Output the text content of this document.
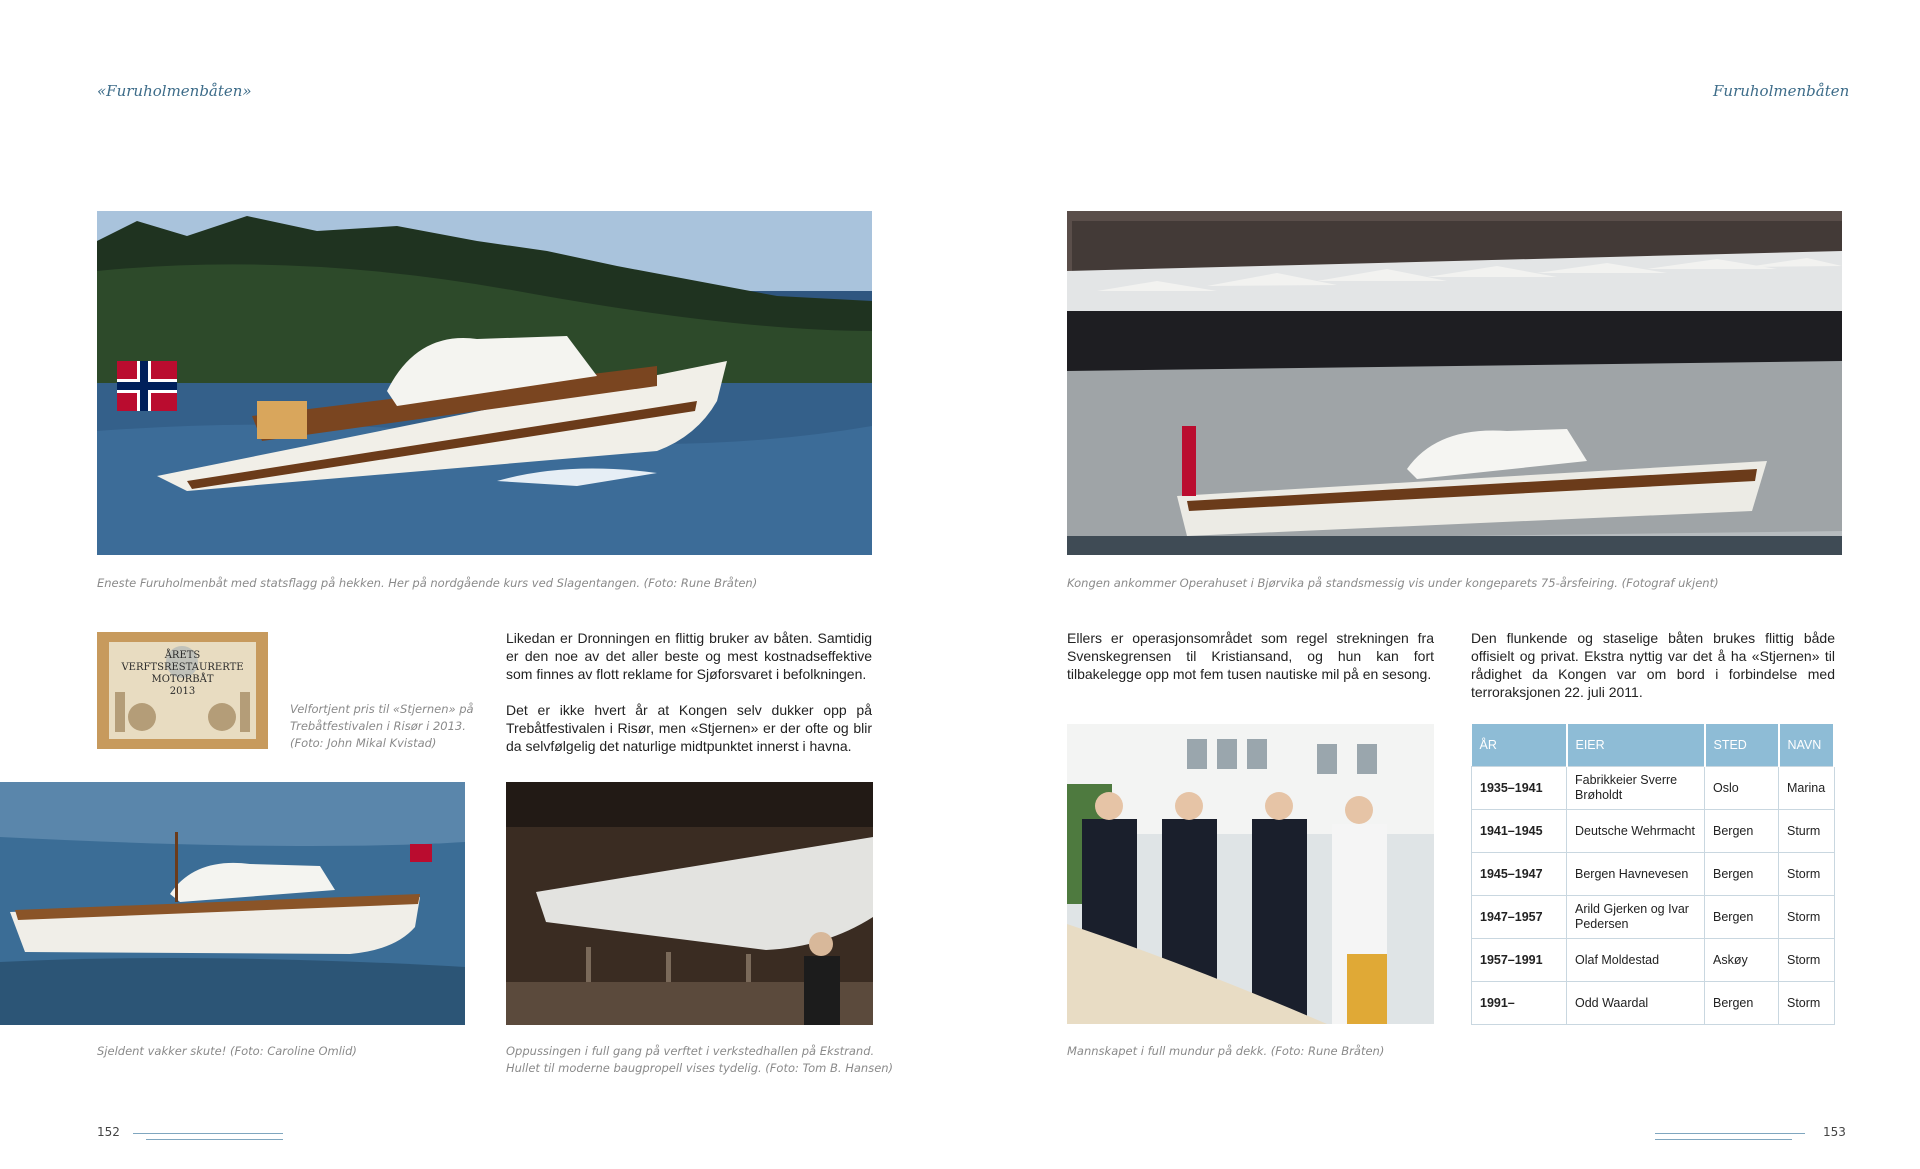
«Furuholmenbåten»	Furuholmenbåten
Eneste Furuholmenbåt med statsflagg på hekken. Her på nordgående kurs ved Slagentangen. (Foto: Rune Bråten)	Kongen ankommer Operahuset i Bjørvika på standsmessig vis under kongeparets 75-årsfeiring. (Fotograf ukjent)
ÅRETS
VERFTSRESTAURERTE
MOTORBÅT
2013
Velfortjent pris til «Stjernen» på
Trebåtfestivalen i Risør i 2013.
(Foto: John Mikal Kvistad)

Likedan er Dronningen en flittig bruker av båten. Samtidig er den noe av det aller beste og mest kostnadseffektive som finnes av flott reklame for Sjøforsvaret i befolkningen.

Det er ikke hvert år at Kongen selv dukker opp på Trebåtfestivalen i Risør, men «Stjernen» er der ofte og blir da selvfølgelig det naturlige midtpunktet innerst i havna.

Sjeldent vakker skute! (Foto: Caroline Omlid)	Oppussingen i full gang på verftet i verkstedhallen på Ekstrand.
Hullet til moderne baugpropell vises tydelig. (Foto: Tom B. Hansen)

Ellers er operasjonsområdet som regel strekningen fra Svenskegrensen til Kristiansand, og hun kan fort tilbakelegge opp mot fem tusen nautiske mil på en sesong.

Den flunkende og staselige båten brukes flittig både offisielt og privat. Ekstra nyttig var det å ha «Stjernen» til rådighet da Kongen var om bord i forbindelse med terroraksjonen 22. juli 2011.

Mannskapet i full mundur på dekk. (Foto: Rune Bråten)
ÅR	EIER	STED	NAVN
1935–1941	Fabrikkeier Sverre Brøholdt	Oslo	Marina
1941–1945	Deutsche Wehrmacht	Bergen	Sturm
1945–1947	Bergen Havnevesen	Bergen	Storm
1947–1957	Arild Gjerken og Ivar Pedersen	Bergen	Storm
1957–1991	Olaf Moldestad	Askøy	Storm
1991–	Odd Waardal	Bergen	Storm
152	153
